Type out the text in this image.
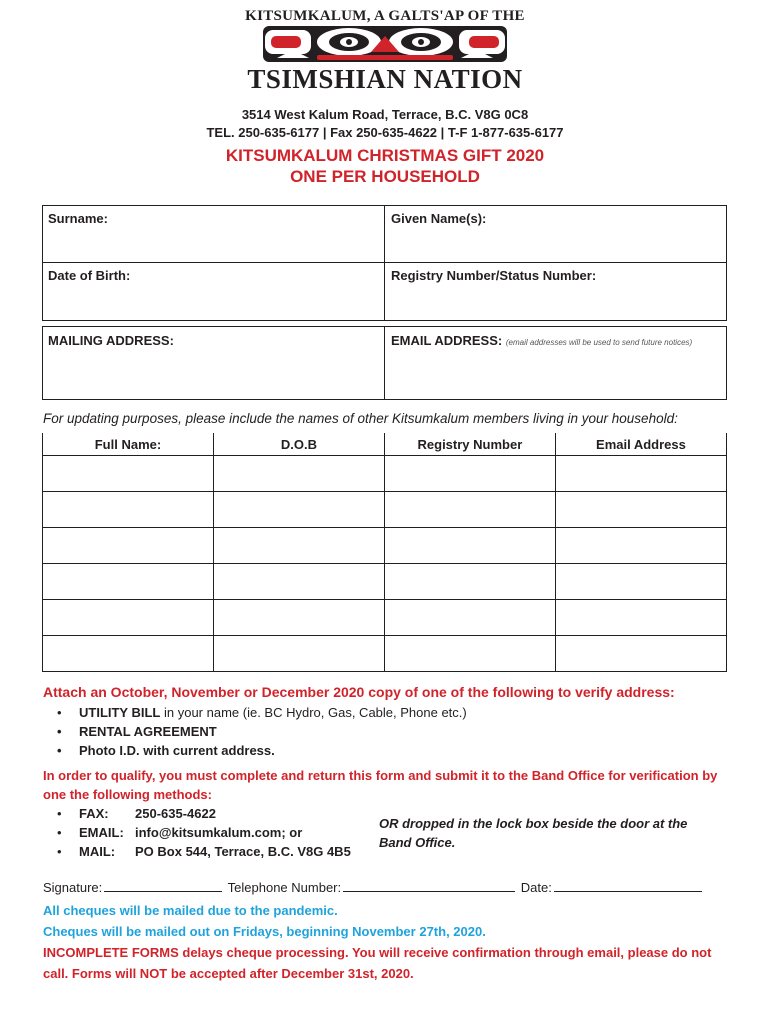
KITSUMKALUM, A GALTS'AP OF THE
TSIMSHIAN NATION
3514 West Kalum Road, Terrace, B.C. V8G 0C8
TEL. 250-635-6177 | Fax 250-635-4622 | T-F 1-877-635-6177
KITSUMKALUM CHRISTMAS GIFT 2020
ONE PER HOUSEHOLD
Surname:	Given Name(s):
Date of Birth:	Registry Number/Status Number:
MAILING ADDRESS:	EMAIL ADDRESS: (email addresses will be used to send future notices)
For updating purposes, please include the names of other Kitsumkalum members living in your household:
Full Name:	D.O.B	Registry Number	Email Address

Attach an October, November or December 2020 copy of one of the following to verify address:
• UTILITY BILL in your name (ie. BC Hydro, Gas, Cable, Phone etc.)
• RENTAL AGREEMENT
• Photo I.D. with current address.
In order to qualify, you must complete and return this form and submit it to the Band Office for verification by one the following methods:
• FAX: 250-635-4622
• EMAIL: info@kitsumkalum.com; or
• MAIL: PO Box 544, Terrace, B.C. V8G 4B5
OR dropped in the lock box beside the door at the Band Office.
Signature:	Telephone Number:	Date:
All cheques will be mailed due to the pandemic.
Cheques will be mailed out on Fridays, beginning November 27th, 2020.
INCOMPLETE FORMS delays cheque processing. You will receive confirmation through email, please do not call. Forms will NOT be accepted after December 31st, 2020.
